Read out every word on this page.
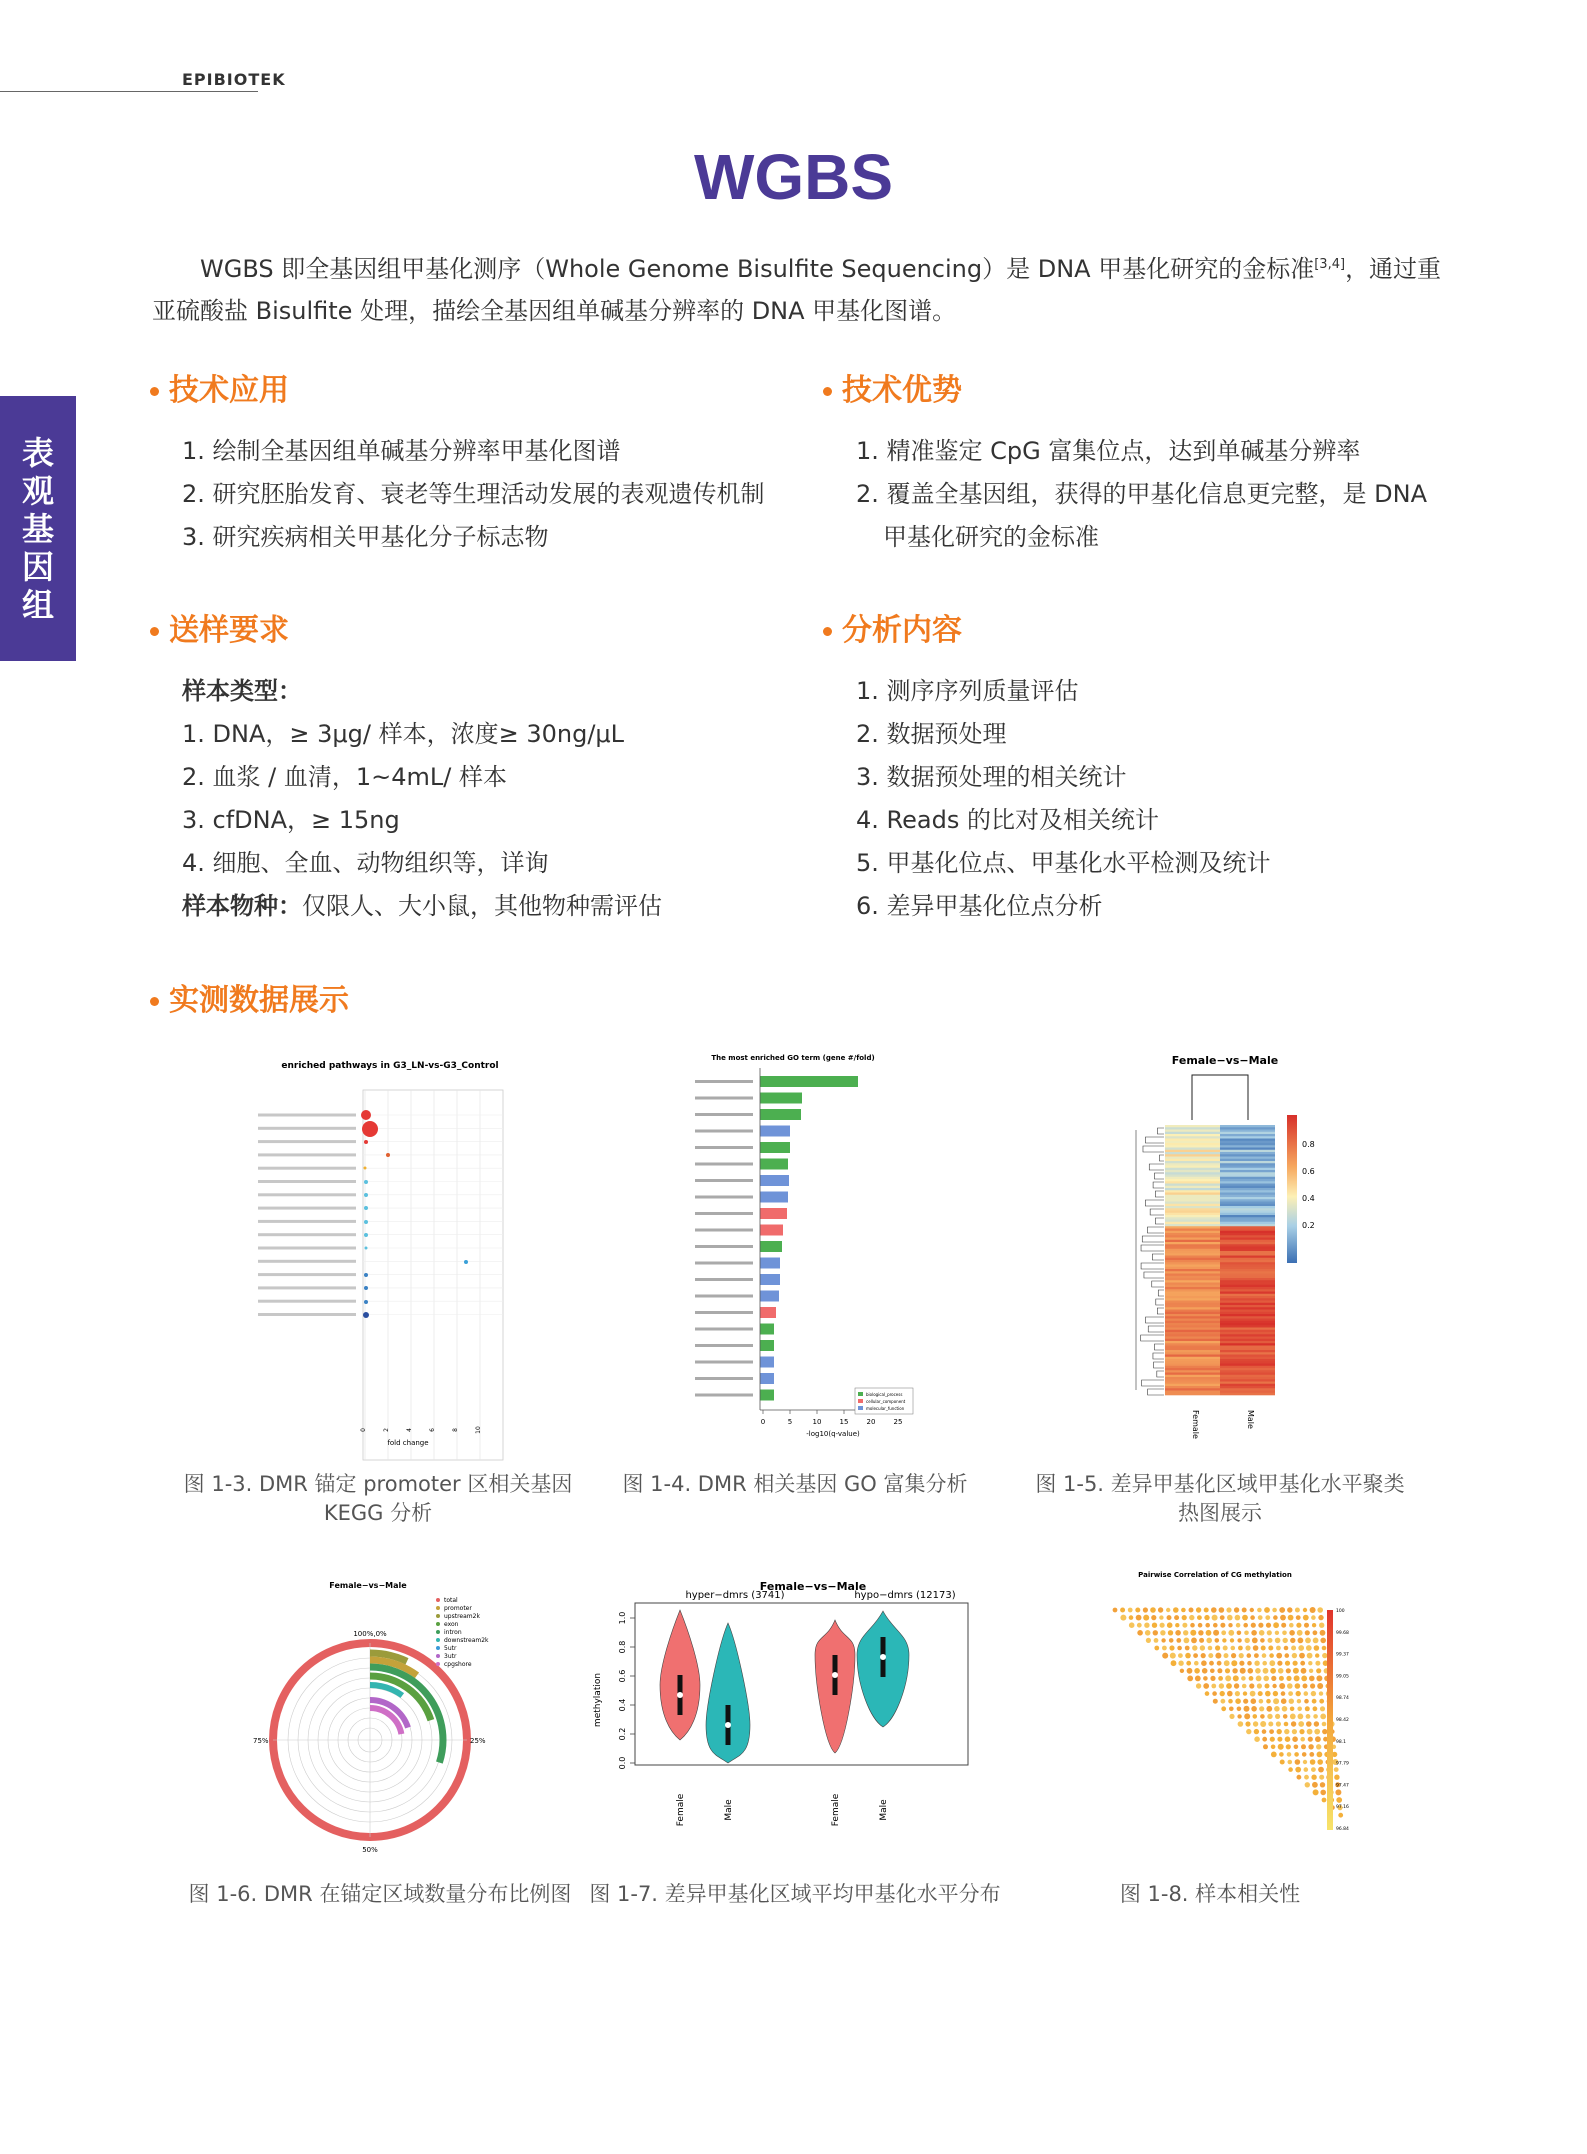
EPIBIOTEK
表
观
基
因
组
WGBS
WGBS 即全基因组甲基化测序（Whole Genome Bisulfite Sequencing）是 DNA 甲基化研究的金标准[3,4]，通过重亚硫酸盐 Bisulfite 处理，描绘全基因组单碱基分辨率的 DNA 甲基化图谱。
技术应用
1. 绘制全基因组单碱基分辨率甲基化图谱
2. 研究胚胎发育、衰老等生理活动发展的表观遗传机制
3. 研究疾病相关甲基化分子标志物
技术优势
1. 精准鉴定 CpG 富集位点，达到单碱基分辨率
2. 覆盖全基因组，获得的甲基化信息更完整，是 DNA
甲基化研究的金标准
送样要求
样本类型：
1. DNA，≥ 3μg/ 样本，浓度≥ 30ng/μL
2. 血浆 / 血清，1~4mL/ 样本
3. cfDNA，≥ 15ng
4. 细胞、全血、动物组织等，详询
样本物种：仅限人、大小鼠，其他物种需评估
分析内容
1. 测序序列质量评估
2. 数据预处理
3. 数据预处理的相关统计
4. Reads 的比对及相关统计
5. 甲基化位点、甲基化水平检测及统计
6. 差异甲基化位点分析
实测数据展示
enriched pathways in G3_LN-vs-G3_Control
0	2	4	6	8	10
fold change
图 1-3. DMR 锚定 promoter 区相关基因
KEGG 分析
The most enriched GO term (gene #/fold)
0	5	10	15	20	25
-log10(q-value)
biological_process
cellular_component
molecular_function
图 1-4. DMR 相关基因 GO 富集分析
Female−vs−Male
0.8
0.6
0.4
0.2
Female	Male
图 1-5. 差异甲基化区域甲基化水平聚类
热图展示
Female−vs−Male
100%,0%
25%
50%
75%
total
promoter
upstream2k
exon
intron
downstream2k
5utr
3utr
cpgshore
图 1-6. DMR 在锚定区域数量分布比例图
Female−vs−Male
hyper−dmrs (3741)	hypo−dmrs (12173)
methylation
0.0
0.2
0.4
0.6
0.8
1.0
Female	Male	Female	Male
图 1-7. 差异甲基化区域平均甲基化水平分布
Pairwise Correlation of CG methylation
100
99.68
99.37
99.05
98.74
98.42
98.1
97.79
97.47
97.16
96.84
图 1-8. 样本相关性
